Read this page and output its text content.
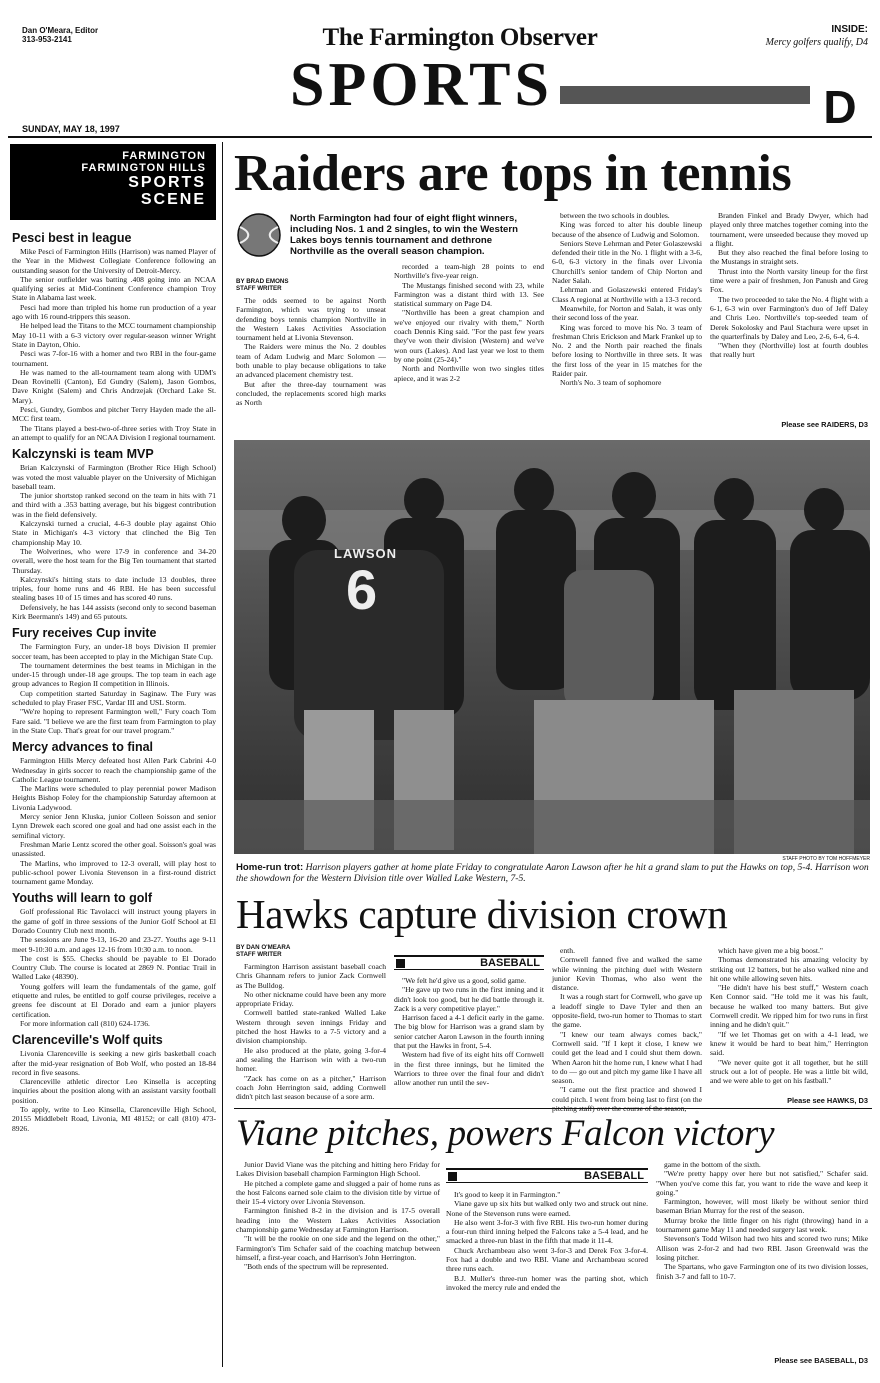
Dan O'Meara, Editor
313-953-2141	The Farmington Observer	INSIDE:
Mercy golfers qualify, D4
SPORTS	D
SUNDAY, MAY 18, 1997
FARMINGTON
FARMINGTON HILLS
SPORTS
SCENE
Pesci best in league

Mike Pesci of Farmington Hills (Harrison) was named Player of the Year in the Midwest Collegiate Conference following an outstanding season for the University of Detroit-Mercy.

The senior outfielder was batting .408 going into an NCAA qualifying series at Mid-Continent Conference champion Troy State in Alabama last week.

Pesci had more than tripled his home run production of a year ago with 16 round-trippers this season.

He helped lead the Titans to the MCC tournament championship May 10-11 with a 6-3 victory over regular-season winner Wright State in Dayton, Ohio.

Pesci was 7-for-16 with a homer and two RBI in the four-game tournament.

He was named to the all-tournament team along with UDM's Dean Rovinelli (Canton), Ed Gundry (Salem), Jason Gombos, Dave Knight (Salem) and Chris Andrzejak (Orchard Lake St. Mary).

Pesci, Gundry, Gombos and pitcher Terry Hayden made the all-MCC first team.

The Titans played a best-two-of-three series with Troy State in an attempt to qualify for an NCAA Division I regional tournament.

Kalczynski is team MVP

Brian Kalczynski of Farmington (Brother Rice High School) was voted the most valuable player on the University of Michigan baseball team.

The junior shortstop ranked second on the team in hits with 71 and third with a .353 batting average, but his biggest contribution was in the field defensively.

Kalczynski turned a crucial, 4-6-3 double play against Ohio State in Michigan's 4-3 victory that clinched the Big Ten championship May 10.

The Wolverines, who were 17-9 in conference and 34-20 overall, were the host team for the Big Ten tournament that started Thursday.

Kalczynski's hitting stats to date include 13 doubles, three triples, four home runs and 46 RBI. He has been successful stealing bases 10 of 15 times and has scored 40 runs.

Defensively, he has 144 assists (second only to second baseman Kirk Beermann's 149) and 65 putouts.

Fury receives Cup invite

The Farmington Fury, an under-18 boys Division II premier soccer team, has been accepted to play in the Michigan State Cup.

The tournament determines the best teams in Michigan in the under-15 through under-18 age groups. The top team in each age group advances to Region II competition in Illinois.

Cup competition started Saturday in Saginaw. The Fury was scheduled to play Fraser FSC, Vardar III and USL Storm.

"We're hoping to represent Farmington well," Fury coach Tom Fare said. "I believe we are the first team from Farmington to play in the State Cup. That's great for our travel program."

Mercy advances to final

Farmington Hills Mercy defeated host Allen Park Cabrini 4-0 Wednesday in girls soccer to reach the championship game of the Catholic League tournament.

The Marlins were scheduled to play perennial power Madison Heights Bishop Foley for the championship Saturday afternoon at Livonia Ladywood.

Mercy senior Jenn Kluska, junior Colleen Soisson and senior Lynn Drewek each scored one goal and had one assist each in the semifinal victory.

Freshman Marie Lentz scored the other goal. Soisson's goal was unassisted.

The Marlins, who improved to 12-3 overall, will play host to public-school power Livonia Stevenson in a first-round district tournament game Monday.

Youths will learn to golf

Golf professional Ric Tavolacci will instruct young players in the game of golf in three sessions of the Junior Golf School at El Dorado Country Club next month.

The sessions are June 9-13, 16-20 and 23-27. Youths age 9-11 meet 9-10:30 a.m. and ages 12-16 from 10:30 a.m. to noon.

The cost is $55. Checks should be payable to El Dorado Country Club. The course is located at 2869 N. Pontiac Trail in Walled Lake (48390).

Young golfers will learn the fundamentals of the game, golf etiquette and rules, be entitled to golf course privileges, receive a greens fee discount at El Dorado and earn a junior players certification.

For more information call (810) 624-1736.

Clarenceville's Wolf quits

Livonia Clarenceville is seeking a new girls basketball coach after the mid-year resignation of Bob Wolf, who posted an 18-84 record in five seasons.

Clarenceville athletic director Leo Kinsella is accepting inquiries about the position along with an assistant varsity football position.

To apply, write to Leo Kinsella, Clarenceville High School, 20155 Middlebelt Road, Livonia, MI 48152; or call (810) 473-8926.

Raiders are tops in tennis
North Farmington had four of eight flight winners, including Nos. 1 and 2 singles, to win the Western Lakes boys tennis tournament and dethrone Northville as the overall season champion.
BY BRAD EMONS
STAFF WRITER

The odds seemed to be against North Farmington, which was trying to unseat defending boys tennis champion Northville in the Western Lakes Activities Association tournament held at Livonia Stevenson.

The Raiders were minus the No. 2 doubles team of Adam Ludwig and Marc Solomon — both unable to play because obligations to take an advanced placement chemistry test.

But after the three-day tournament was concluded, the replacements scored high marks as North

recorded a team-high 28 points to end Northville's five-year reign.

The Mustangs finished second with 23, while Farmington was a distant third with 13. See statistical summary on Page D4.

"Northville has been a great champion and we've enjoyed our rivalry with them," North coach Dennis King said. "For the past few years they've won their division (Western) and we've won ours (Lakes). And last year we lost to them by one point (25-24)."

North and Northville won two singles titles apiece, and it was 2-2

between the two schools in doubles.

King was forced to alter his double lineup because of the absence of Ludwig and Solomon.

Seniors Steve Lehrman and Peter Golaszewski defended their title in the No. 1 flight with a 3-6, 6-0, 6-3 victory in the finals over Livonia Churchill's senior tandem of Chip Norton and Nader Salah.

Lehrman and Golaszewski entered Friday's Class A regional at Northville with a 13-3 record.

Meanwhile, for Norton and Salah, it was only their second loss of the year.

King was forced to move his No. 3 team of freshman Chris Erickson and Mark Frankel up to No. 2 and the North pair reached the finals before losing to Northville in three sets. It was the first loss of the year in 15 matches for the Raider pair.

North's No. 3 team of sophomore

Branden Finkel and Brady Dwyer, which had played only three matches together coming into the tournament, were unseeded because they moved up a flight.

But they also reached the final before losing to the Mustangs in straight sets.

Thrust into the North varsity lineup for the first time were a pair of freshmen, Jon Panush and Greg Fox.

The two proceeded to take the No. 4 flight with a 6-1, 6-3 win over Farmington's duo of Jeff Daley and Chris Leo. Northville's top-seeded team of Derek Sokolosky and Paul Stachura were upset in the quarterfinals by Daley and Leo, 2-6, 6-4, 6-4.

"When they (Northville) lost at fourth doubles that really hurt

Please see RAIDERS, D3
LAWSON
6
STAFF PHOTO BY TOM HOFFMEYER
Home-run trot: Harrison players gather at home plate Friday to congratulate Aaron Lawson after he hit a grand slam to put the Hawks on top, 5-4. Harrison won the showdown for the Western Division title over Walled Lake Western, 7-5.
Hawks capture division crown
BY DAN O'MEARA
STAFF WRITER

Farmington Harrison assistant baseball coach Chris Ghannam refers to junior Zack Cornwell as The Bulldog.

No other nickname could have been any more appropriate Friday.

Cornwell battled state-ranked Walled Lake Western through seven innings Friday and pitched the host Hawks to a 7-5 victory and a division championship.

He also produced at the plate, going 3-for-4 and sealing the Harrison win with a two-run homer.

"Zack has come on as a pitcher," Harrison coach John Herrington said, adding Cornwell didn't pitch last season because of a sore arm.

BASEBALL

"We felt he'd give us a good, solid game.

"He gave up two runs in the first inning and it didn't look too good, but he did battle through it. Zack is a very competitive player."

Harrison faced a 4-1 deficit early in the game. The big blow for Harrison was a grand slam by senior catcher Aaron Lawson in the fourth inning that put the Hawks in front, 5-4.

Western had five of its eight hits off Cornwell in the first three innings, but he limited the Warriors to three over the final four and didn't allow another run until the sev-

enth.

Cornwell fanned five and walked the same while winning the pitching duel with Western junior Kevin Thomas, who also went the distance.

It was a rough start for Cornwell, who gave up a leadoff single to Dave Tyler and then an opposite-field, two-run homer to Thomas to start the game.

"I knew our team always comes back," Cornwell said. "If I kept it close, I knew we could get the lead and I could shut them down. When Aaron hit the home run, I knew what I had to do — go out and pitch my game like I have all season.

"I came out the first practice and showed I could pitch. I went from being last to first (on the

which have given me a big boost."

Thomas demonstrated his amazing velocity by striking out 12 batters, but he also walked nine and hit one while allowing seven hits.

"He didn't have his best stuff," Western coach Ken Connor said. "He told me it was his fault, because he walked too many batters. But give Cornwell credit. We ripped him for two runs in first inning and he didn't quit."

"If we let Thomas get on with a 4-1 lead, we knew it would be hard to beat him," Herrington said.

"We never quite got it all together, but he still struck out a lot of people. He was a little bit wild, and we were able to get on his fastball."

Please see HAWKS, D3
Viane pitches, powers Falcon victory

Junior David Viane was the pitching and hitting hero Friday for Lakes Division baseball champion Farmington High School.

He pitched a complete game and slugged a pair of home runs as the host Falcons earned sole claim to the division title by virtue of their 15-4 victory over Livonia Stevenson.

Farmington finished 8-2 in the division and is 17-5 overall heading into the Western Lakes Activities Association championship game Wednesday at Farmington Harrison.

"It will be the rookie on one side and the legend on the other," Farmington's Tim Schafer said of the coaching matchup between himself, a first-year coach, and Harrison's John Herrington.

"Both ends of the spectrum will be represented.

BASEBALL

It's good to keep it in Farmington."

Viane gave up six hits but walked only two and struck out nine. None of the Stevenson runs were earned.

He also went 3-for-3 with five RBI. His two-run homer during a four-run third inning helped the Falcons take a 5-4 lead, and he smacked a three-run blast in the fifth that made it 11-4.

Chuck Archambeau also went 3-for-3 and Derek Fox 3-for-4. Fox had a double and two RBI. Viane and Archambeau scored three runs each.

B.J. Muller's three-run homer was the parting shot, which invoked the mercy rule and ended the

game in the bottom of the sixth.

"We're pretty happy over here but not satisfied," Schafer said. "When you've come this far, you want to ride the wave and keep it going."

Farmington, however, will most likely be without senior third baseman Brian Murray for the rest of the season.

Murray broke the little finger on his right (throwing) hand in a tournament game May 11 and needed surgery last week.

Stevenson's Todd Wilson had two hits and scored two runs; Mike Allison was 2-for-2 and had two RBI. Jason Greenwald was the losing pitcher.

The Spartans, who gave Farmington one of its two division losses, finish 3-7 and fall to 10-7.

Please see BASEBALL, D3
